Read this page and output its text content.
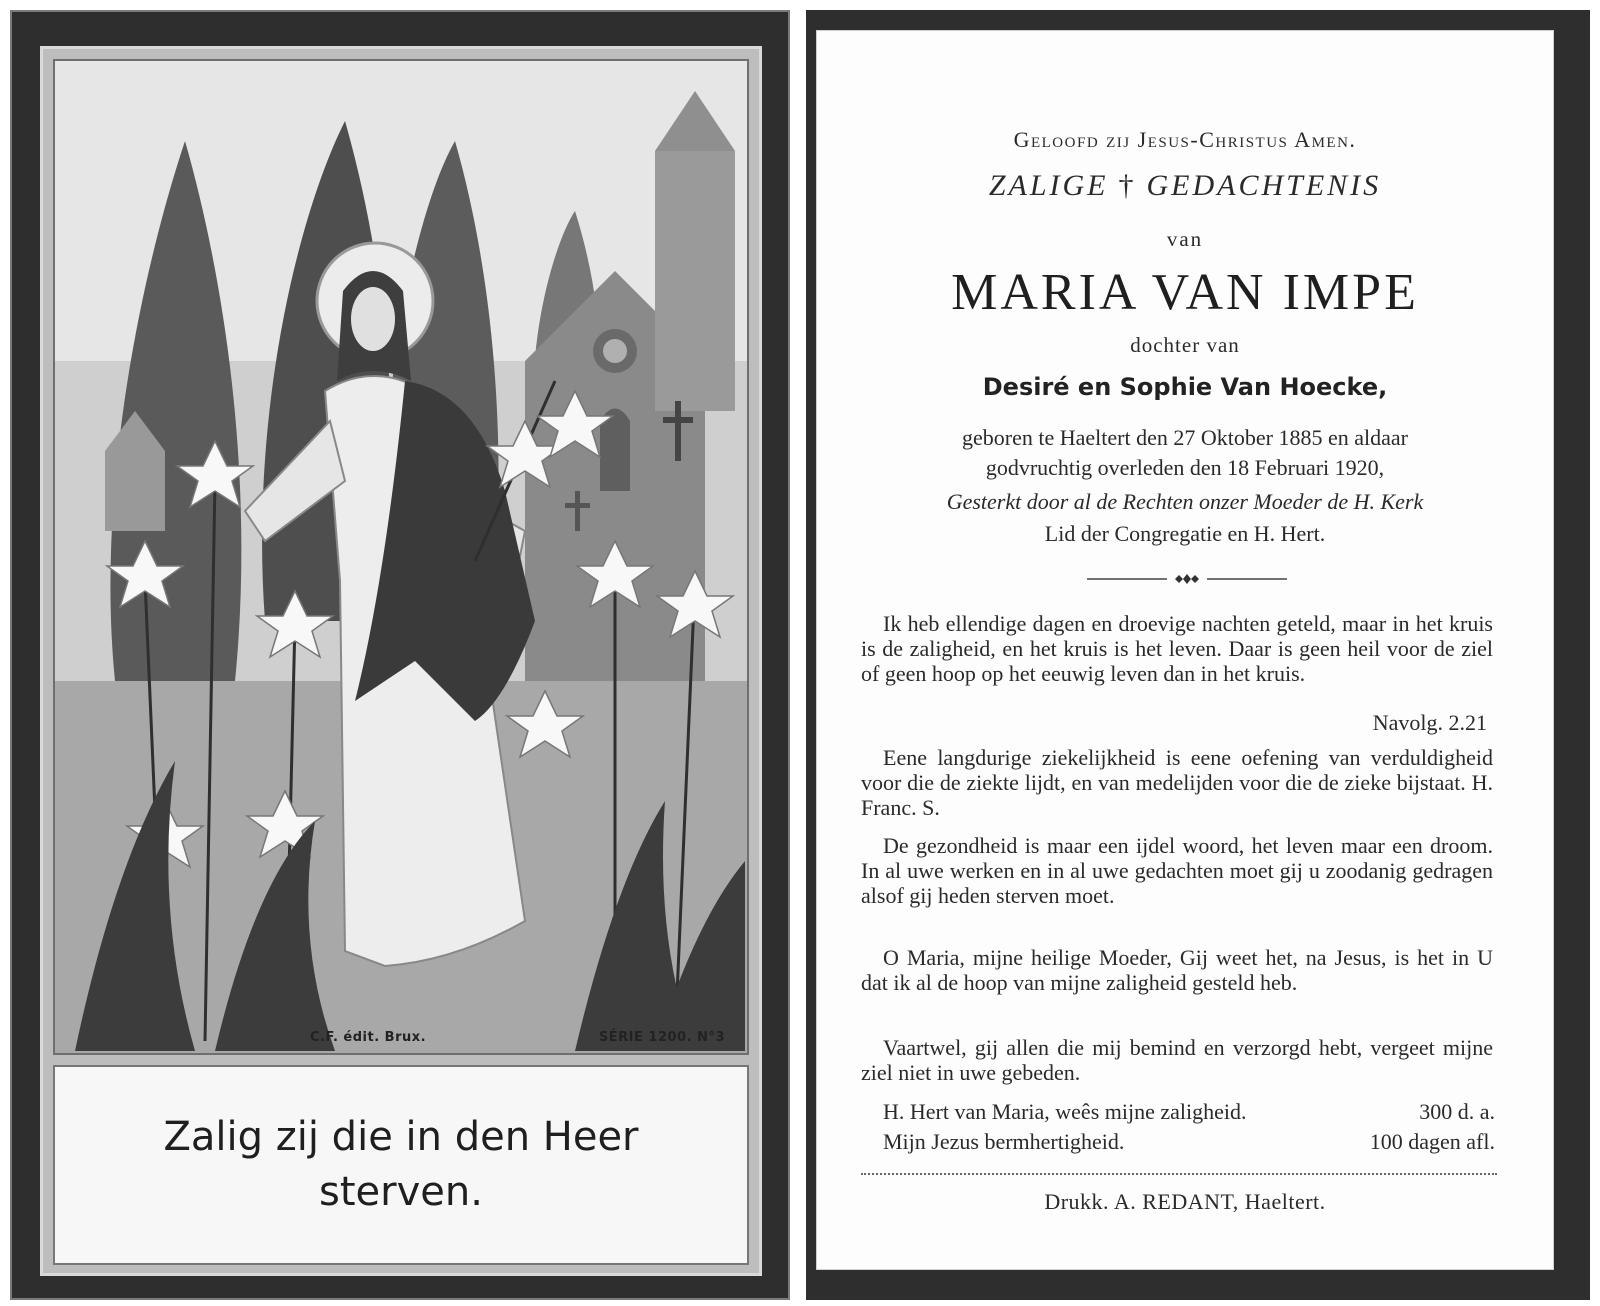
C.F. édit. Brux.	SÉRIE 1200. N°3
Zalig zij die in den Heer
sterven.
Geloofd zij Jesus-Christus Amen.
ZALIGE † GEDACHTENIS
van
MARIA VAN IMPE
dochter van
Desiré en Sophie Van Hoecke,
geboren te Haeltert den 27 Oktober 1885 en aldaar
godvruchtig overleden den 18 Februari 1920,
Gesterkt door al de Rechten onzer Moeder de H. Kerk
Lid der Congregatie en H. Hert.

Ik heb ellendige dagen en droevige nachten geteld, maar in het kruis is de zaligheid, en het kruis is het leven. Daar is geen heil voor de ziel of geen hoop op het eeuwig leven dan in het kruis.

Navolg. 2.21

Eene langdurige ziekelijkheid is eene oefening van verduldigheid voor die de ziekte lijdt, en van medelijden voor die de zieke bijstaat. H. Franc. S.

De gezondheid is maar een ijdel woord, het leven maar een droom. In al uwe werken en in al uwe gedachten moet gij u zoodanig gedragen alsof gij heden sterven moet.

O Maria, mijne heilige Moeder, Gij weet het, na Jesus, is het in U dat ik al de hoop van mijne zaligheid gesteld heb.

Vaartwel, gij allen die mij bemind en verzorgd hebt, vergeet mijne ziel niet in uwe gebeden.

H. Hert van Maria, weês mijne zaligheid.	300 d. a.
Mijn Jezus bermhertigheid.	100 dagen afl.
Drukk. A. REDANT, Haeltert.
